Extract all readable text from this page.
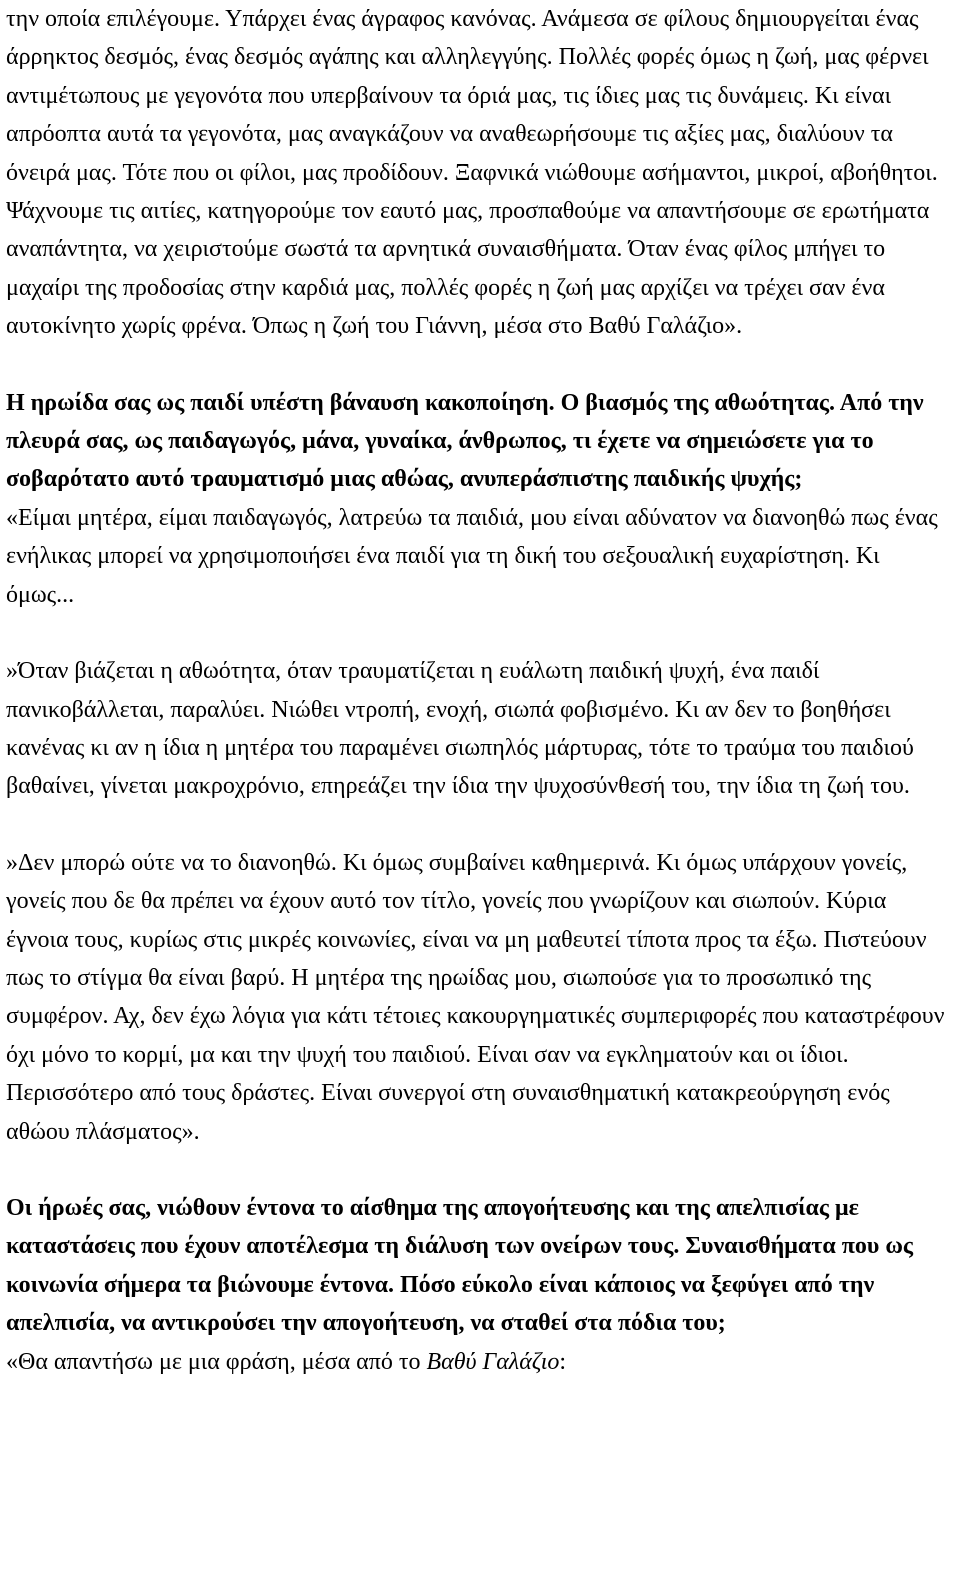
την οποία επιλέγουμε. Υπάρχει ένας άγραφος κανόνας. Ανάμεσα σε φίλους δημιουργείται ένας άρρηκτος δεσμός, ένας δεσμός αγάπης και αλληλεγγύης. Πολλές φορές όμως η ζωή, μας φέρνει αντιμέτωπους με γεγονότα που υπερβαίνουν τα όριά μας, τις ίδιες μας τις δυνάμεις. Κι είναι απρόοπτα αυτά τα γεγονότα, μας αναγκάζουν να αναθεωρήσουμε τις αξίες μας, διαλύουν τα όνειρά μας. Τότε που οι φίλοι, μας προδίδουν. Ξαφνικά νιώθουμε ασήμαντοι, μικροί, αβοήθητοι. Ψάχνουμε τις αιτίες, κατηγορούμε τον εαυτό μας, προσπαθούμε να απαντήσουμε σε ερωτήματα αναπάντητα, να χειριστούμε σωστά τα αρνητικά συναισθήματα. Όταν ένας φίλος μπήγει το μαχαίρι της προδοσίας στην καρδιά μας, πολλές φορές η ζωή μας αρχίζει να τρέχει σαν ένα αυτοκίνητο χωρίς φρένα. Όπως η ζωή του Γιάννη, μέσα στο Βαθύ Γαλάζιο».

Η ηρωίδα σας ως παιδί υπέστη βάναυση κακοποίηση. Ο βιασμός της αθωότητας. Από την πλευρά σας, ως παιδαγωγός, μάνα, γυναίκα, άνθρωπος, τι έχετε να σημειώσετε για το σοβαρότατο αυτό τραυματισμό μιας αθώας, ανυπεράσπιστης παιδικής ψυχής;

«Είμαι μητέρα, είμαι παιδαγωγός, λατρεύω τα παιδιά, μου είναι αδύνατον να διανοηθώ πως ένας ενήλικας μπορεί να χρησιμοποιήσει ένα παιδί για τη δική του σεξουαλική ευχαρίστηση. Κι όμως...

»Όταν βιάζεται η αθωότητα, όταν τραυματίζεται η ευάλωτη παιδική ψυχή, ένα παιδί πανικοβάλλεται, παραλύει. Νιώθει ντροπή, ενοχή, σιωπά φοβισμένο. Κι αν δεν το βοηθήσει κανένας κι αν η ίδια η μητέρα του παραμένει σιωπηλός μάρτυρας, τότε το τραύμα του παιδιού βαθαίνει, γίνεται μακροχρόνιο, επηρεάζει την ίδια την ψυχοσύνθεσή του, την ίδια τη ζωή του.

»Δεν μπορώ ούτε να το διανοηθώ. Κι όμως συμβαίνει καθημερινά. Κι όμως υπάρχουν γονείς, γονείς που δε θα πρέπει να έχουν αυτό τον τίτλο, γονείς που γνωρίζουν και σιωπούν. Κύρια έγνοια τους, κυρίως στις μικρές κοινωνίες, είναι να μη μαθευτεί τίποτα προς τα έξω. Πιστεύουν πως το στίγμα θα είναι βαρύ. Η μητέρα της ηρωίδας μου, σιωπούσε για το προσωπικό της συμφέρον. Αχ, δεν έχω λόγια για κάτι τέτοιες κακουργηματικές συμπεριφορές που καταστρέφουν όχι μόνο το κορμί, μα και την ψυχή του παιδιού. Είναι σαν να εγκληματούν και οι ίδιοι. Περισσότερο από τους δράστες. Είναι συνεργοί στη συναισθηματική κατακρεούργηση ενός αθώου πλάσματος».

Οι ήρωές σας, νιώθουν έντονα το αίσθημα της απογοήτευσης και της απελπισίας με καταστάσεις που έχουν αποτέλεσμα τη διάλυση των ονείρων τους. Συναισθήματα που ως κοινωνία σήμερα τα βιώνουμε έντονα. Πόσο εύκολο είναι κάποιος να ξεφύγει από την απελπισία, να αντικρούσει την απογοήτευση, να σταθεί στα πόδια του;

«Θα απαντήσω με μια φράση, μέσα από το Βαθύ Γαλάζιο:
